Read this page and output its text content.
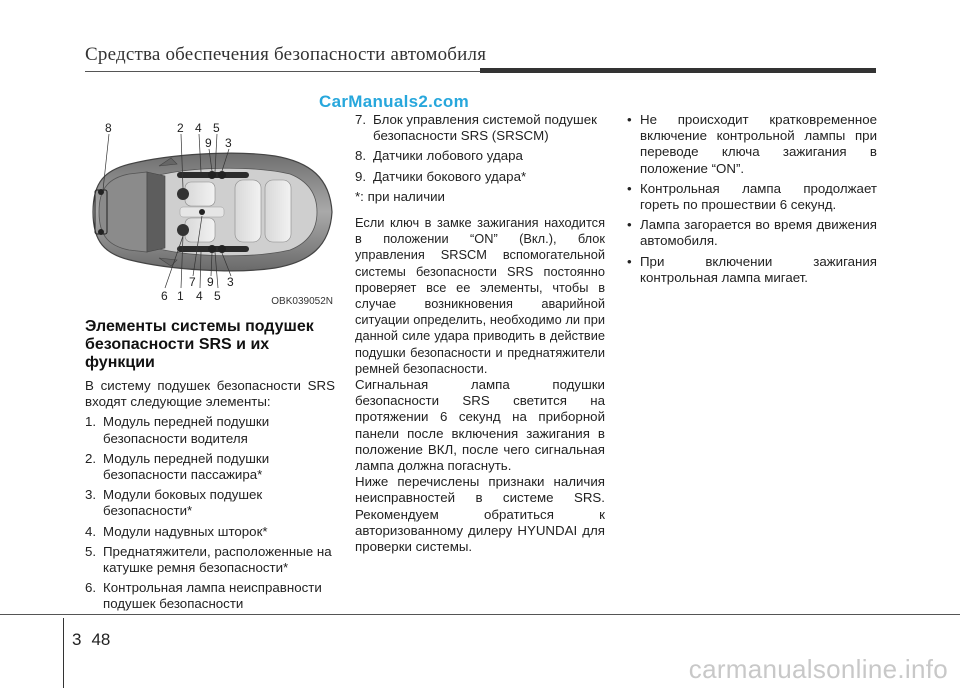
Средства обеспечения безопасности автомобиля
CarManuals2.com
8	2 4 5
9 3
7 9 3
6 1 4 5	OBK039052N
Элементы системы подушек безопасности SRS и их функции

В систему подушек безопасности SRS входят следующие элементы:

1. Модуль передней подушки безопасности водителя
2. Модуль передней подушки безопасности пассажира*
3. Модули боковых подушек безопасности*
4. Модули надувных шторок*
5. Преднатяжители, расположенные на катушке ремня безопасности*
6. Контрольная лампа неисправности подушек безопасности
7. Блок управления системой подушек безопасности SRS (SRSCM)
8. Датчики лобового удара
9. Датчики бокового удара*
*: при наличии

Если ключ в замке зажигания находится в положении “ON” (Вкл.), блок управления SRSCM вспомогательной системы безопасности SRS постоянно проверяет все ее элементы, чтобы в случае возникновения аварийной ситуации определить, необходимо ли при данной силе удара приводить в действие подушки безопасности и преднатяжители ремней безопасности.

Сигнальная лампа подушки безопасности SRS светится на протяжении 6 секунд на приборной панели после включения зажигания в положение ВКЛ, после чего сигнальная лампа должна погаснуть.

Ниже перечислены признаки наличия неисправностей в системе SRS. Рекомендуем обратиться к авторизованному дилеру HYUNDAI для проверки системы.

• Не происходит кратковременное включение контрольной лампы при переводе ключа зажигания в положение “ON”.
• Контрольная лампа продолжает гореть по прошествии 6 секунд.
• Лампа загорается во время движения автомобиля.
• При включении зажигания контрольная лампа мигает.
3 48
carmanualsonline.info
